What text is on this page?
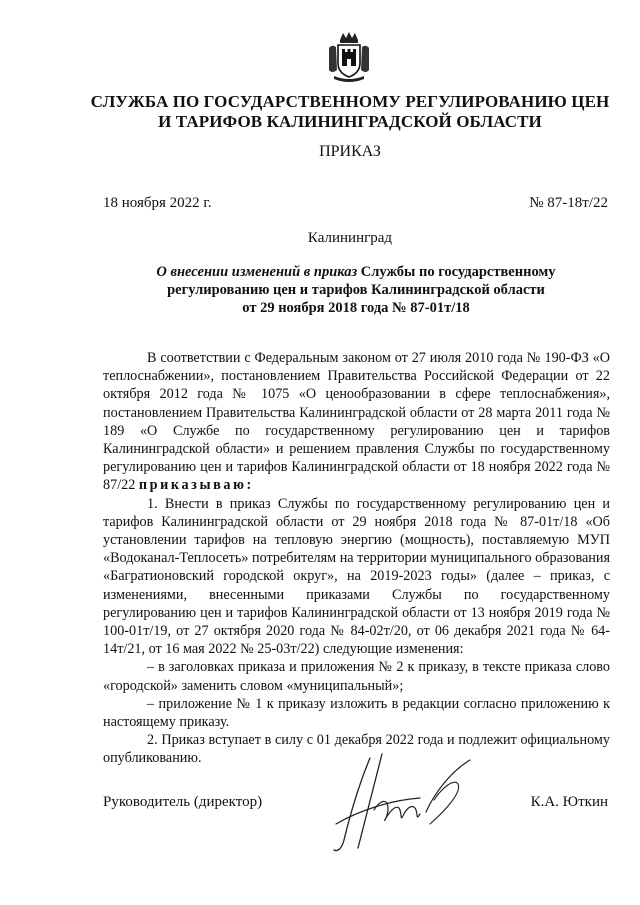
СЛУЖБА ПО ГОСУДАРСТВЕННОМУ РЕГУЛИРОВАНИЮ ЦЕН
И ТАРИФОВ КАЛИНИНГРАДСКОЙ ОБЛАСТИ
ПРИКАЗ
18 ноября 2022 г.	№ 87-18т/22
Калининград
О внесении изменений в приказ Службы по государственному
регулированию цен и тарифов Калининградской области
от 29 ноября 2018 года № 87-01т/18

В соответствии с Федеральным законом от 27 июля 2010 года № 190-ФЗ «О теплоснабжении», постановлением Правительства Российской Федерации от 22 октября 2012 года № 1075 «О ценообразовании в сфере теплоснабжения», постановлением Правительства Калининградской области от 28 марта 2011 года № 189 «О Службе по государственному регулированию цен и тарифов Калининградской области» и решением правления Службы по государственному регулированию цен и тарифов Калининградской области от 18 ноября 2022 года № 87/22 приказываю:

1. Внести в приказ Службы по государственному регулированию цен и тарифов Калининградской области от 29 ноября 2018 года № 87-01т/18 «Об установлении тарифов на тепловую энергию (мощность), поставляемую МУП «Водоканал-Теплосеть» потребителям на территории муниципального образования «Багратионовский городской округ», на 2019-2023 годы» (далее – приказ, с изменениями, внесенными приказами Службы по государственному регулированию цен и тарифов Калининградской области от 13 ноября 2019 года № 100-01т/19, от 27 октября 2020 года № 84-02т/20, от 06 декабря 2021 года № 64-14т/21, от 16 мая 2022 № 25-03т/22) следующие изменения:

– в заголовках приказа и приложения № 2 к приказу, в тексте приказа слово «городской» заменить словом «муниципальный»;

– приложение № 1 к приказу изложить в редакции согласно приложению к настоящему приказу.

2. Приказ вступает в силу с 01 декабря 2022 года и подлежит официальному опубликованию.

Руководитель (директор)	К.А. Юткин
